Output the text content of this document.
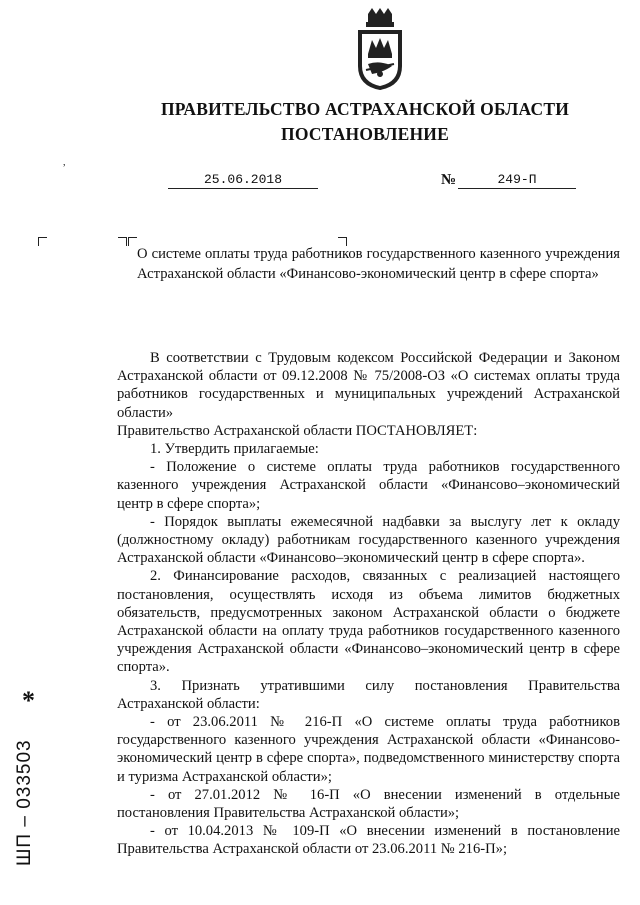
ПРАВИТЕЛЬСТВО АСТРАХАНСКОЙ ОБЛАСТИ
ПОСТАНОВЛЕНИЕ
,
25.06.2018	№	249-П
О системе оплаты труда работников государственного казенного учреждения Астраханской области «Финансово-экономический центр в сфере спорта»

В соответствии с Трудовым кодексом Российской Федерации и Законом Астраханской области от 09.12.2008 № 75/2008-ОЗ «О системах оплаты труда работников государственных и муниципальных учреждений Астраханской области»

Правительство Астраханской области ПОСТАНОВЛЯЕТ:

1. Утвердить прилагаемые:

- Положение о системе оплаты труда работников государственного казенного учреждения Астраханской области «Финансово–экономический центр в сфере спорта»;

- Порядок выплаты ежемесячной надбавки за выслугу лет к окладу (должностному окладу) работникам государственного казенного учреждения Астраханской области «Финансово–экономический центр в сфере спорта».

2. Финансирование расходов, связанных с реализацией настоящего постановления, осуществлять исходя из объема лимитов бюджетных обязательств, предусмотренных законом Астраханской области о бюджете Астраханской области на оплату труда работников государственного казенного учреждения Астраханской области «Финансово–экономический центр в сфере спорта».

3. Признать утратившими силу постановления Правительства Астраханской области:

- от 23.06.2011 № 216-П «О системе оплаты труда работников государственного казенного учреждения Астраханской области «Финансово-экономический центр в сфере спорта», подведомственного министерству спорта и туризма Астраханской области»;

- от 27.01.2012 № 16-П «О внесении изменений в отдельные постановления Правительства Астраханской области»;

- от 10.04.2013 № 109-П «О внесении изменений в постановление Правительства Астраханской области от 23.06.2011 № 216-П»;

*
ШП – 033503
